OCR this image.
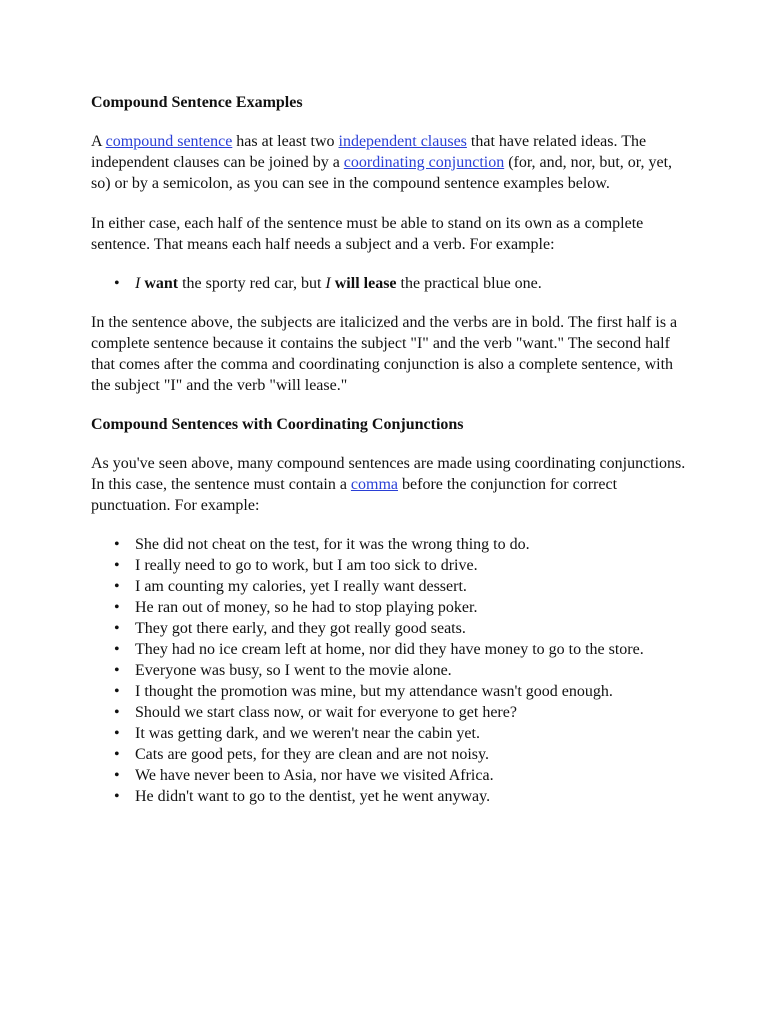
Compound Sentence Examples

A compound sentence has at least two independent clauses that have related ideas. The independent clauses can be joined by a coordinating conjunction (for, and, nor, but, or, yet, so) or by a semicolon, as you can see in the compound sentence examples below.

In either case, each half of the sentence must be able to stand on its own as a complete sentence. That means each half needs a subject and a verb. For example:

• I want the sporty red car, but I will lease the practical blue one.

In the sentence above, the subjects are italicized and the verbs are in bold. The first half is a complete sentence because it contains the subject "I" and the verb "want." The second half that comes after the comma and coordinating conjunction is also a complete sentence, with the subject "I" and the verb "will lease."

Compound Sentences with Coordinating Conjunctions

As you've seen above, many compound sentences are made using coordinating conjunctions. In this case, the sentence must contain a comma before the conjunction for correct punctuation. For example:

• She did not cheat on the test, for it was the wrong thing to do.
• I really need to go to work, but I am too sick to drive.
• I am counting my calories, yet I really want dessert.
• He ran out of money, so he had to stop playing poker.
• They got there early, and they got really good seats.
• They had no ice cream left at home, nor did they have money to go to the store.
• Everyone was busy, so I went to the movie alone.
• I thought the promotion was mine, but my attendance wasn't good enough.
• Should we start class now, or wait for everyone to get here?
• It was getting dark, and we weren't near the cabin yet.
• Cats are good pets, for they are clean and are not noisy.
• We have never been to Asia, nor have we visited Africa.
• He didn't want to go to the dentist, yet he went anyway.
